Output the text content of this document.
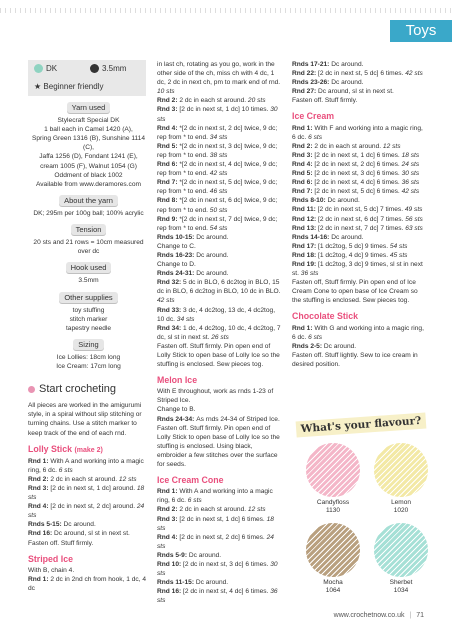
Toys
DK	3.5mm
★ Beginner friendly
Yarn used
Stylecraft Special DK
1 ball each in Camel 1420 (A),
Spring Green 1316 (B), Sunshine 1114 (C),
Jaffa 1256 (D), Fondant 1241 (E),
cream 1005 (F), Walnut 1054 (G)
Oddment of black 1002
Available from www.deramores.com
About the yarn
DK; 295m per 100g ball; 100% acrylic
Tension
20 sts and 21 rows = 10cm measured
over dc
Hook used
3.5mm
Other supplies
toy stuffing
stitch marker
tapestry needle
Sizing
Ice Lollies: 18cm long
Ice Cream: 17cm long
Start crocheting
All pieces are worked in the amigurumi style, in a spiral without slip stitching or turning chains. Use a stitch marker to keep track of the end of each rnd.
Lolly Stick (make 2)
Rnd 1: With A and working into a magic ring, 6 dc. 6 sts
Rnd 2: 2 dc in each st around. 12 sts
Rnd 3: [2 dc in next st, 1 dc] around. 18 sts
Rnd 4: [2 dc in next st, 2 dc] around. 24 sts
Rnds 5-15: Dc around.
Rnd 16: Dc around, sl st in next st.
Fasten off. Stuff firmly.
Striped Ice
With B, chain 4.
Rnd 1: 2 dc in 2nd ch from hook, 1 dc, 4 dc
in last ch, rotating as you go, work in the other side of the ch, miss ch with 4 dc, 1 dc, 2 dc in next ch, pm to mark end of rnd. 10 sts
Rnd 2: 2 dc in each st around. 20 sts
Rnd 3: [2 dc in next st, 1 dc] 10 times. 30 sts
Rnd 4: *[2 dc in next st, 2 dc] twice, 9 dc; rep from * to end. 34 sts
Rnd 5: *[2 dc in next st, 3 dc] twice, 9 dc; rep from * to end. 38 sts
Rnd 6: *[2 dc in next st, 4 dc] twice, 9 dc; rep from * to end. 42 sts
Rnd 7: *[2 dc in next st, 5 dc] twice, 9 dc; rep from * to end. 46 sts
Rnd 8: *[2 dc in next st, 6 dc] twice, 9 dc; rep from * to end. 50 sts
Rnd 9: *[2 dc in next st, 7 dc] twice, 9 dc; rep from * to end. 54 sts
Rnds 10-15: Dc around.
Change to C.
Rnds 16-23: Dc around.
Change to D.
Rnds 24-31: Dc around.
Rnd 32: 5 dc in BLO, 6 dc2tog in BLO, 15 dc in BLO, 6 dc2tog in BLO, 10 dc in BLO. 42 sts
Rnd 33: 3 dc, 4 dc2tog, 13 dc, 4 dc2tog, 10 dc. 34 sts
Rnd 34: 1 dc, 4 dc2tog, 10 dc, 4 dc2tog, 7 dc, sl st in next st. 26 sts
Fasten off. Stuff firmly. Pin open end of Lolly Stick to open base of Lolly Ice so the stuffing is enclosed. Sew pieces tog.
Melon Ice
With E throughout, work as rnds 1-23 of Striped Ice.
Change to B.
Rnds 24-34: As rnds 24-34 of Striped Ice. Fasten off. Stuff firmly. Pin open end of Lolly Stick to open base of Lolly Ice so the stuffing is enclosed. Using black, embroider a few stitches over the surface for seeds.
Ice Cream Cone
Rnd 1: With A and working into a magic ring, 6 dc. 6 sts
Rnd 2: 2 dc in each st around. 12 sts
Rnd 3: [2 dc in next st, 1 dc] 6 times. 18 sts
Rnd 4: [2 dc in next st, 2 dc] 6 times. 24 sts
Rnds 5-9: Dc around.
Rnd 10: [2 dc in next st, 3 dc] 6 times. 30 sts
Rnds 11-15: Dc around.
Rnd 16: [2 dc in next st, 4 dc] 6 times. 36 sts
Rnds 17-21: Dc around.
Rnd 22: [2 dc in next st, 5 dc] 6 times. 42 sts
Rnds 23-26: Dc around.
Rnd 27: Dc around, sl st in next st.
Fasten off. Stuff firmly.
Ice Cream
Rnd 1: With F and working into a magic ring, 6 dc. 6 sts
Rnd 2: 2 dc in each st around. 12 sts
Rnd 3: [2 dc in next st, 1 dc] 6 times. 18 sts
Rnd 4: [2 dc in next st, 2 dc] 6 times. 24 sts
Rnd 5: [2 dc in next st, 3 dc] 6 times. 30 sts
Rnd 6: [2 dc in next st, 4 dc] 6 times. 36 sts
Rnd 7: [2 dc in next st, 5 dc] 6 times. 42 sts
Rnds 8-10: Dc around.
Rnd 11: [2 dc in next st, 5 dc] 7 times. 49 sts
Rnd 12: [2 dc in next st, 6 dc] 7 times. 56 sts
Rnd 13: [2 dc in next st, 7 dc] 7 times. 63 sts
Rnds 14-16: Dc around.
Rnd 17: [1 dc2tog, 5 dc] 9 times. 54 sts
Rnd 18: [1 dc2tog, 4 dc] 9 times. 45 sts
Rnd 19: [1 dc2tog, 3 dc] 9 times, sl st in next st. 36 sts
Fasten off, Stuff firmly. Pin open end of Ice Cream Cone to open base of Ice Cream so the stuffing is enclosed. Sew pieces tog.
Chocolate Stick
Rnd 1: With G and working into a magic ring, 6 dc. 6 sts
Rnds 2-5: Dc around.
Fasten off. Stuff lightly. Sew to ice cream in desired position.
What's your flavour?
Candyfloss
1130
Lemon
1020
Mocha
1064
Sherbet
1034
www.crochetnow.co.uk | 71
